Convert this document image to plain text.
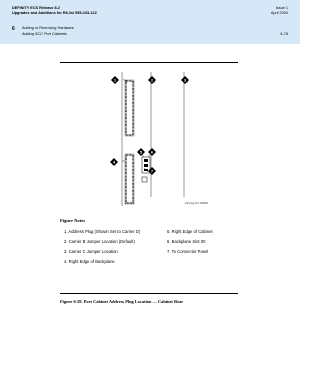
DEFINITY ECS Release 8.2
Upgrades and Additions for R8.2si 555-233-122
Issue 1
April 2000
6 Adding or Removing Hardware
Adding SCC Port Cabinets	6-78
1	2	3
4
5 6
7
pdh plug CLC 050800
Figure Notes
1. Address Plug (Shown Set to Carrier D)
2. Carrier B Jumper Location (Default)
3. Carrier C Jumper Location
4. Right Edge of Backplane
5. Right Edge of Cabinet
6. Backplane Slot 00
7. To Connector Panel
Figure 6-29. Port Cabinet Address Plug Location — Cabinet Rear
